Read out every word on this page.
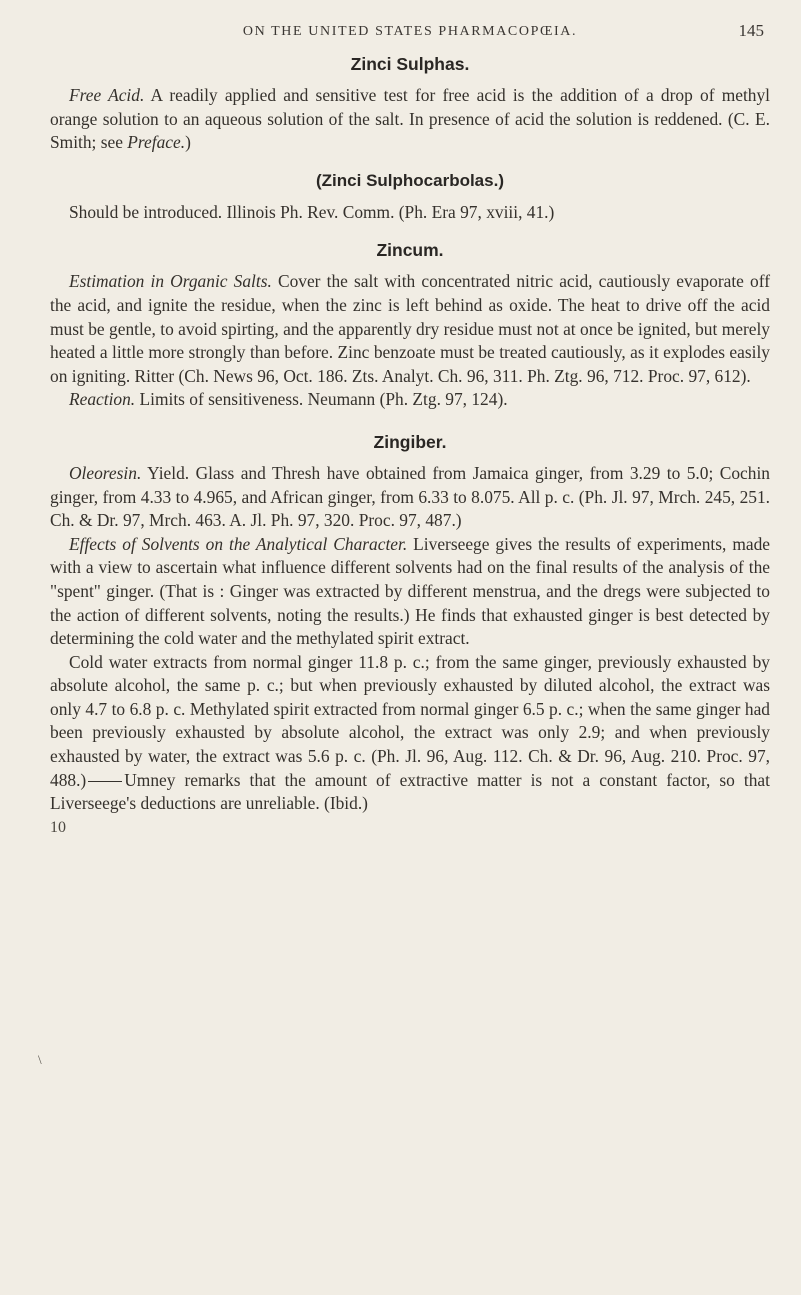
ON THE UNITED STATES PHARMACOPŒIA.	145
Zinci Sulphas.

Free Acid. A readily applied and sensitive test for free acid is the addition of a drop of methyl orange solution to an aqueous solution of the salt. In presence of acid the solution is reddened. (C. E. Smith; see Preface.)

(Zinci Sulphocarbolas.)

Should be introduced. Illinois Ph. Rev. Comm. (Ph. Era 97, xviii, 41.)

Zincum.

Estimation in Organic Salts. Cover the salt with concentrated nitric acid, cautiously evaporate off the acid, and ignite the residue, when the zinc is left behind as oxide. The heat to drive off the acid must be gentle, to avoid spirting, and the apparently dry residue must not at once be ignited, but merely heated a little more strongly than before. Zinc benzoate must be treated cautiously, as it explodes easily on igniting. Ritter (Ch. News 96, Oct. 186. Zts. Analyt. Ch. 96, 311. Ph. Ztg. 96, 712. Proc. 97, 612).

Reaction. Limits of sensitiveness. Neumann (Ph. Ztg. 97, 124).

Zingiber.

Oleoresin. Yield. Glass and Thresh have obtained from Jamaica ginger, from 3.29 to 5.0; Cochin ginger, from 4.33 to 4.965, and African ginger, from 6.33 to 8.075. All p. c. (Ph. Jl. 97, Mrch. 245, 251. Ch. & Dr. 97, Mrch. 463. A. Jl. Ph. 97, 320. Proc. 97, 487.)

Effects of Solvents on the Analytical Character. Liverseege gives the results of experiments, made with a view to ascertain what influence different solvents had on the final results of the analysis of the "spent" ginger. (That is : Ginger was extracted by different menstrua, and the dregs were subjected to the action of different solvents, noting the results.) He finds that exhausted ginger is best detected by determining the cold water and the methylated spirit extract.

Cold water extracts from normal ginger 11.8 p. c.; from the same ginger, previously exhausted by absolute alcohol, the same p. c.; but when previously exhausted by diluted alcohol, the extract was only 4.7 to 6.8 p. c. Methylated spirit extracted from normal ginger 6.5 p. c.; when the same ginger had been previously exhausted by absolute alcohol, the extract was only 2.9; and when previously exhausted by water, the extract was 5.6 p. c. (Ph. Jl. 96, Aug. 112. Ch. & Dr. 96, Aug. 210. Proc. 97, 488.) Umney remarks that the amount of extractive matter is not a constant factor, so that Liverseege's deductions are unreliable. (Ibid.)

10
\
